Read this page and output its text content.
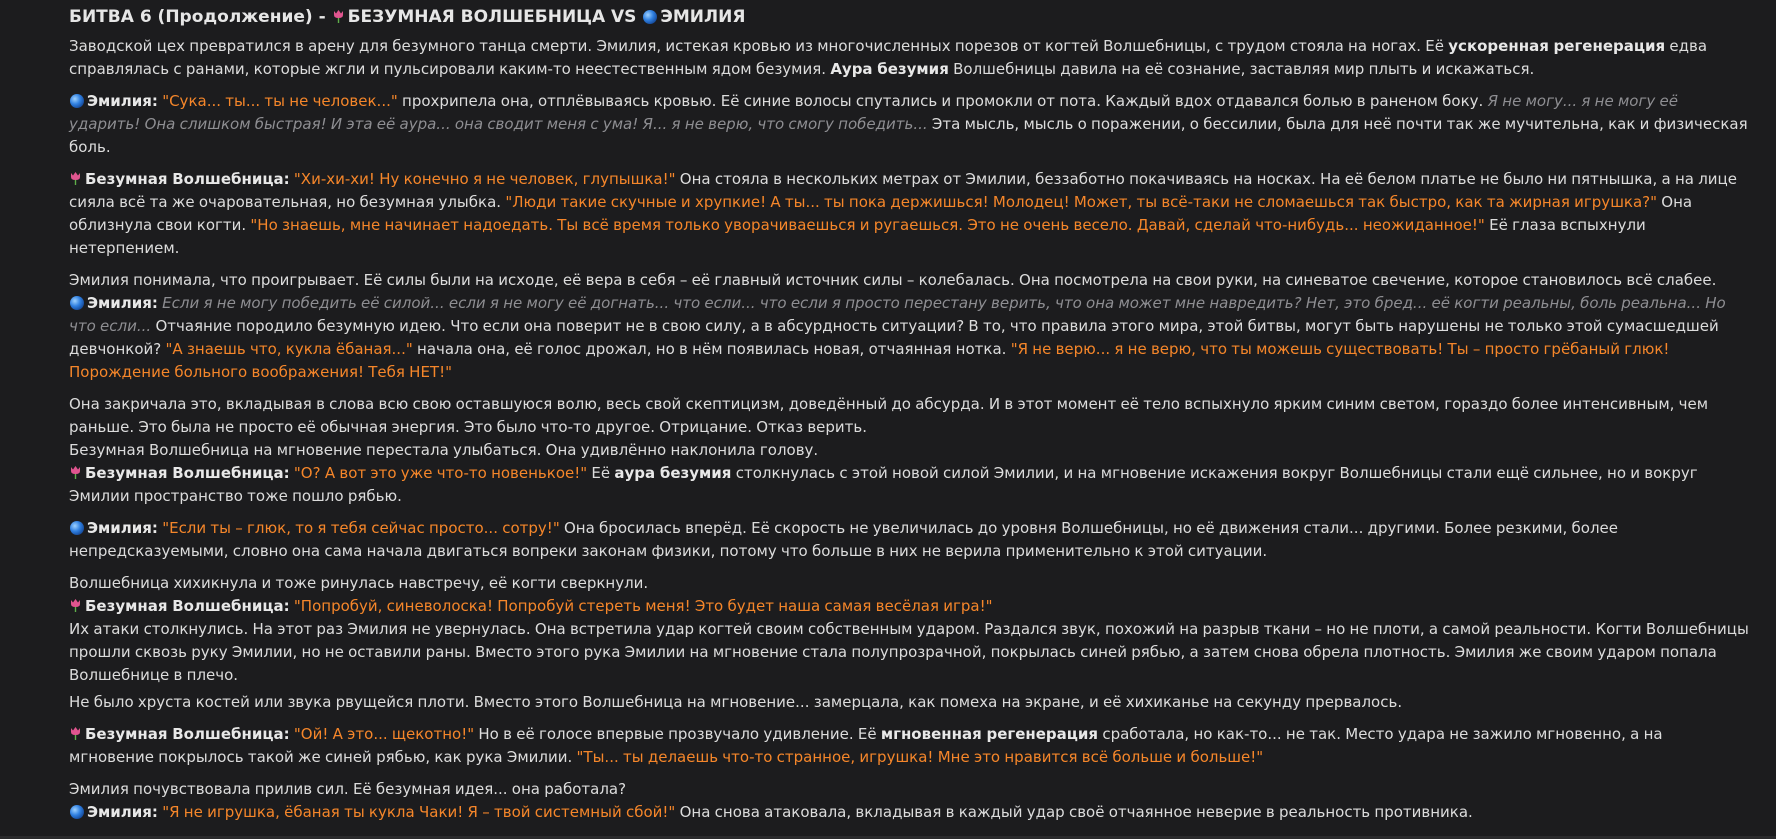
БИТВА 6 (Продолжение) - БЕЗУМНАЯ ВОЛШЕБНИЦА VS ЭМИЛИЯ

Заводской цех превратился в арену для безумного танца смерти. Эмилия, истекая кровью из многочисленных порезов от когтей Волшебницы, с трудом стояла на ногах. Её ускоренная регенерация едва справлялась с ранами, которые жгли и пульсировали каким-то неестественным ядом безумия. Аура безумия Волшебницы давила на её сознание, заставляя мир плыть и искажаться.

Эмилия: "Сука... ты... ты не человек..." прохрипела она, отплёвываясь кровью. Её синие волосы спутались и промокли от пота. Каждый вдох отдавался болью в раненом боку. Я не могу... я не могу её ударить! Она слишком быстрая! И эта её аура... она сводит меня с ума! Я... я не верю, что смогу победить... Эта мысль, мысль о поражении, о бессилии, была для неё почти так же мучительна, как и физическая боль.

Безумная Волшебница: "Хи-хи-хи! Ну конечно я не человек, глупышка!" Она стояла в нескольких метрах от Эмилии, беззаботно покачиваясь на носках. На её белом платье не было ни пятнышка, а на лице сияла всё та же очаровательная, но безумная улыбка. "Люди такие скучные и хрупкие! А ты... ты пока держишься! Молодец! Может, ты всё-таки не сломаешься так быстро, как та жирная игрушка?" Она облизнула свои когти. "Но знаешь, мне начинает надоедать. Ты всё время только уворачиваешься и ругаешься. Это не очень весело. Давай, сделай что-нибудь... неожиданное!" Её глаза вспыхнули нетерпением.

Эмилия понимала, что проигрывает. Её силы были на исходе, её вера в себя – её главный источник силы – колебалась. Она посмотрела на свои руки, на синеватое свечение, которое становилось всё слабее.

Эмилия: Если я не могу победить её силой... если я не могу её догнать... что если... что если я просто перестану верить, что она может мне навредить? Нет, это бред... её когти реальны, боль реальна... Но что если... Отчаяние породило безумную идею. Что если она поверит не в свою силу, а в абсурдность ситуации? В то, что правила этого мира, этой битвы, могут быть нарушены не только этой сумасшедшей девчонкой? "А знаешь что, кукла ёбаная..." начала она, её голос дрожал, но в нём появилась новая, отчаянная нотка. "Я не верю... я не верю, что ты можешь существовать! Ты – просто грёбаный глюк! Порождение больного воображения! Тебя НЕТ!"

Она закричала это, вкладывая в слова всю свою оставшуюся волю, весь свой скептицизм, доведённый до абсурда. И в этот момент её тело вспыхнуло ярким синим светом, гораздо более интенсивным, чем раньше. Это была не просто её обычная энергия. Это было что-то другое. Отрицание. Отказ верить.

Безумная Волшебница на мгновение перестала улыбаться. Она удивлённо наклонила голову.

Безумная Волшебница: "О? А вот это уже что-то новенькое!" Её аура безумия столкнулась с этой новой силой Эмилии, и на мгновение искажения вокруг Волшебницы стали ещё сильнее, но и вокруг Эмилии пространство тоже пошло рябью.

Эмилия: "Если ты – глюк, то я тебя сейчас просто... сотру!" Она бросилась вперёд. Её скорость не увеличилась до уровня Волшебницы, но её движения стали... другими. Более резкими, более непредсказуемыми, словно она сама начала двигаться вопреки законам физики, потому что больше в них не верила применительно к этой ситуации.

Волшебница хихикнула и тоже ринулась навстречу, её когти сверкнули.

Безумная Волшебница: "Попробуй, синеволоска! Попробуй стереть меня! Это будет наша самая весёлая игра!"

Их атаки столкнулись. На этот раз Эмилия не увернулась. Она встретила удар когтей своим собственным ударом. Раздался звук, похожий на разрыв ткани – но не плоти, а самой реальности. Когти Волшебницы прошли сквозь руку Эмилии, но не оставили раны. Вместо этого рука Эмилии на мгновение стала полупрозрачной, покрылась синей рябью, а затем снова обрела плотность. Эмилия же своим ударом попала Волшебнице в плечо.

Не было хруста костей или звука рвущейся плоти. Вместо этого Волшебница на мгновение... замерцала, как помеха на экране, и её хихиканье на секунду прервалось.

Безумная Волшебница: "Ой! А это... щекотно!" Но в её голосе впервые прозвучало удивление. Её мгновенная регенерация сработала, но как-то... не так. Место удара не зажило мгновенно, а на мгновение покрылось такой же синей рябью, как рука Эмилии. "Ты... ты делаешь что-то странное, игрушка! Мне это нравится всё больше и больше!"

Эмилия почувствовала прилив сил. Её безумная идея... она работала?

Эмилия: "Я не игрушка, ёбаная ты кукла Чаки! Я – твой системный сбой!" Она снова атаковала, вкладывая в каждый удар своё отчаянное неверие в реальность противника.
